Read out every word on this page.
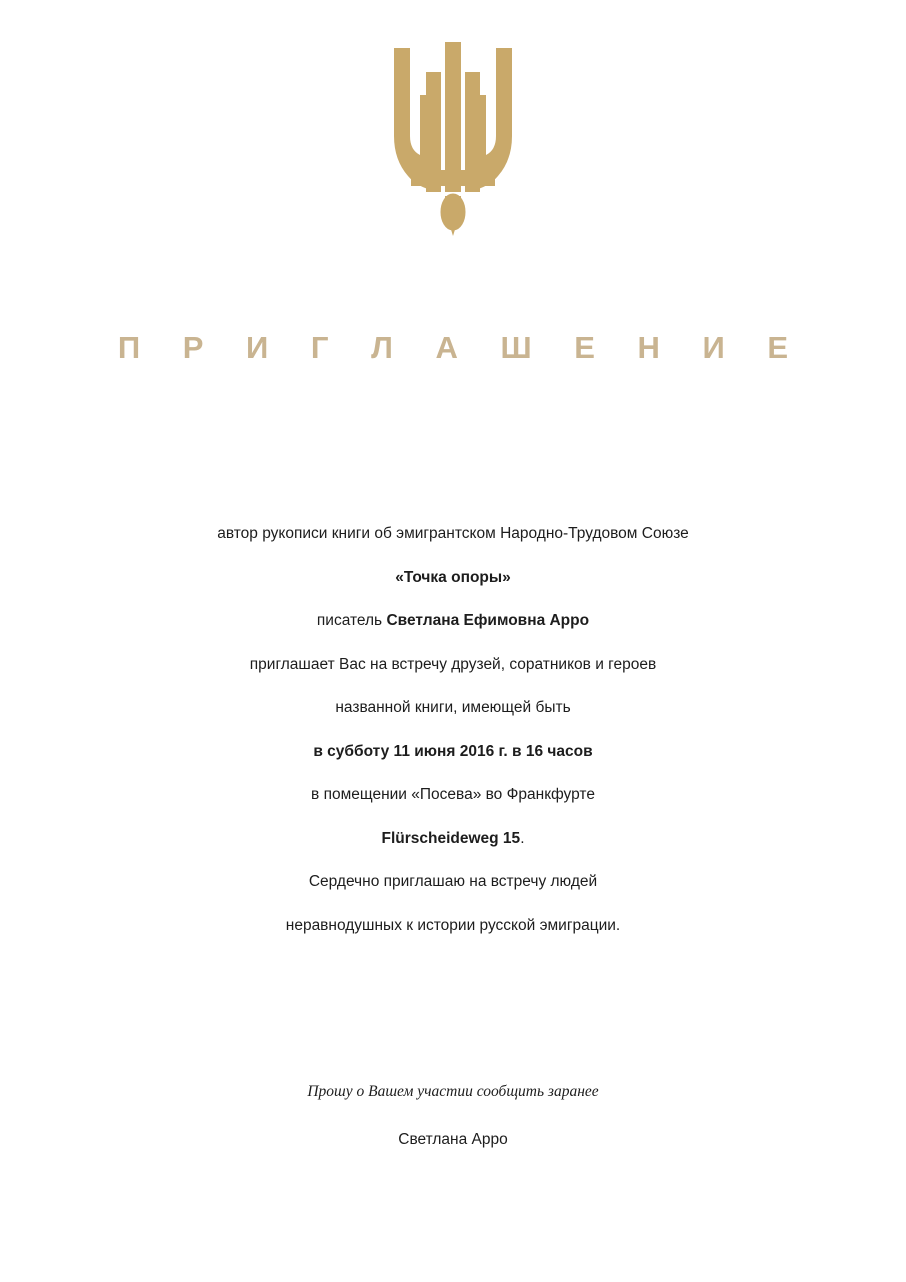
П Р И Г Л А Ш Е Н И Е
автор рукописи книги об эмигрантском Народно-Трудовом Союзе
«Точка опоры»
писатель Светлана Ефимовна Арро
приглашает Вас на встречу друзей, соратников и героев
названной книги, имеющей быть
в субботу 11 июня 2016 г. в 16 часов
в помещении «Посева» во Франкфурте
Flürscheideweg 15.
Сердечно приглашаю на встречу людей
неравнодушных к истории русской эмиграции.
Прошу о Вашем участии сообщить заранее
Светлана Арро
